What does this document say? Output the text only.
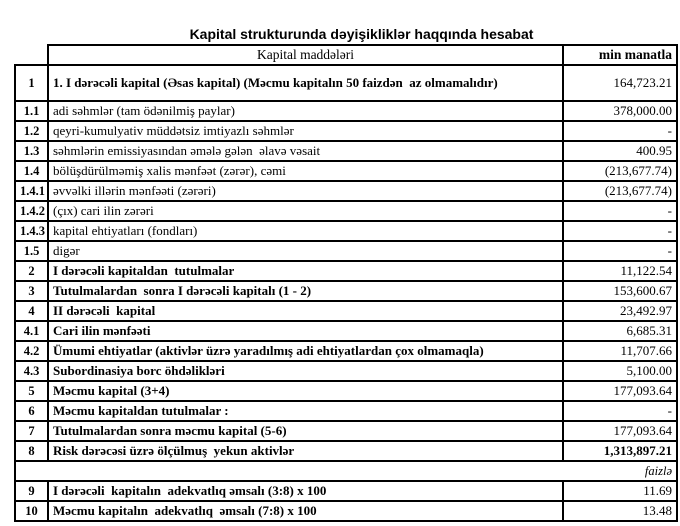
Kapital strukturunda dəyişikliklər haqqında hesabat
	Kapital maddələri	min manatla
1	1. I dərəcəli kapital (Əsas kapital) (Məcmu kapitalın 50 faizdən  az olmamalıdır)	164,723.21
1.1	adi səhmlər (tam ödənilmiş paylar)	378,000.00
1.2	qeyri-kumulyativ müddətsiz imtiyazlı səhmlər	-
1.3	səhmlərin emissiyasından əmələ gələn  əlavə vəsait	400.95
1.4	bölüşdürülməmiş xalis mənfəət (zərər), cəmi	(213,677.74)
1.4.1	əvvəlki illərin mənfəəti (zərəri)	(213,677.74)
1.4.2	(çıx) cari ilin zərəri	-
1.4.3	kapital ehtiyatları (fondları)	-
1.5	digər	-
2	I dərəcəli kapitaldan  tutulmalar	11,122.54
3	Tutulmalardan  sonra I dərəcəli kapitalı (1 - 2)	153,600.67
4	II dərəcəli  kapital	23,492.97
4.1	Cari ilin mənfəəti	6,685.31
4.2	Ümumi ehtiyatlar (aktivlər üzrə yaradılmış adi ehtiyatlardan çox olmamaqla)	11,707.66
4.3	Subordinasiya borc öhdəlikləri	5,100.00
5	Məcmu kapital (3+4)	177,093.64
6	Məcmu kapitaldan tutulmalar :	-
7	Tutulmalardan sonra məcmu kapital (5-6)	177,093.64
8	Risk dərəcəsi üzrə ölçülmuş  yekun aktivlər	1,313,897.21
faizlə		
9	I dərəcəli  kapitalın  adekvatlıq əmsalı (3:8) x 100	11.69
10	Məcmu kapitalın  adekvatlıq  əmsalı (7:8) x 100	13.48
